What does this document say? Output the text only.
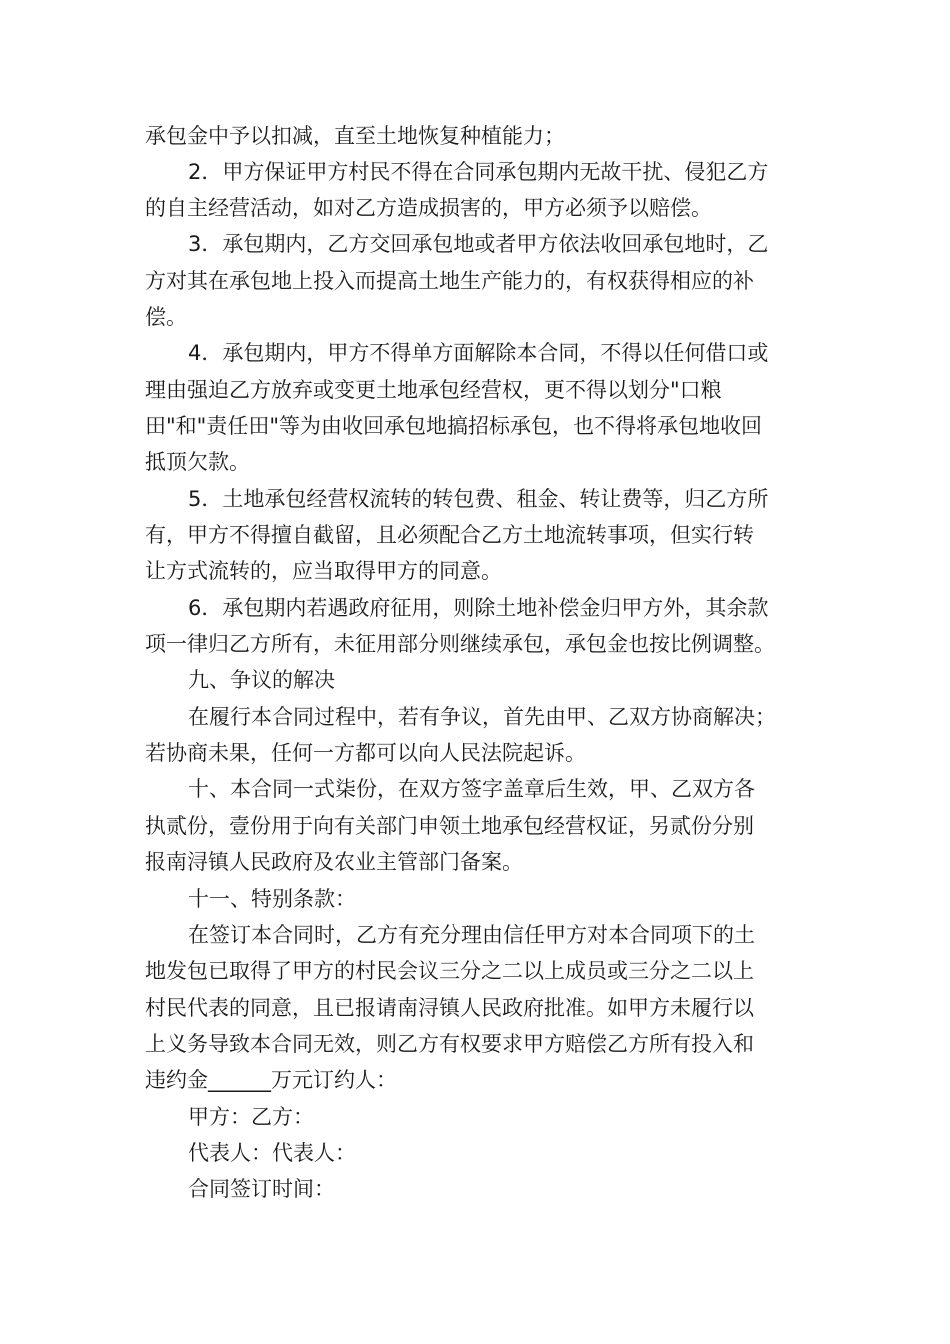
承包金中予以扣减，直至土地恢复种植能力；
2．甲方保证甲方村民不得在合同承包期内无故干扰、侵犯乙方
的自主经营活动，如对乙方造成损害的，甲方必须予以赔偿。
3．承包期内，乙方交回承包地或者甲方依法收回承包地时，乙
方对其在承包地上投入而提高土地生产能力的，有权获得相应的补
偿。
4．承包期内，甲方不得单方面解除本合同，不得以任何借口或
理由强迫乙方放弃或变更土地承包经营权，更不得以划分"口粮
田"和"责任田"等为由收回承包地搞招标承包，也不得将承包地收回
抵顶欠款。
5．土地承包经营权流转的转包费、租金、转让费等，归乙方所
有，甲方不得擅自截留，且必须配合乙方土地流转事项，但实行转
让方式流转的，应当取得甲方的同意。
6．承包期内若遇政府征用，则除土地补偿金归甲方外，其余款
项一律归乙方所有，未征用部分则继续承包，承包金也按比例调整。
九、争议的解决
在履行本合同过程中，若有争议，首先由甲、乙双方协商解决；
若协商未果，任何一方都可以向人民法院起诉。
十、本合同一式柒份，在双方签字盖章后生效，甲、乙双方各
执贰份，壹份用于向有关部门申领土地承包经营权证，另贰份分别
报南浔镇人民政府及农业主管部门备案。
十一、特别条款：
在签订本合同时，乙方有充分理由信任甲方对本合同项下的土
地发包已取得了甲方的村民会议三分之二以上成员或三分之二以上
村民代表的同意，且已报请南浔镇人民政府批准。如甲方未履行以
上义务导致本合同无效，则乙方有权要求甲方赔偿乙方所有投入和
违约金______万元订约人：
甲方：乙方：
代表人：代表人：
合同签订时间：
